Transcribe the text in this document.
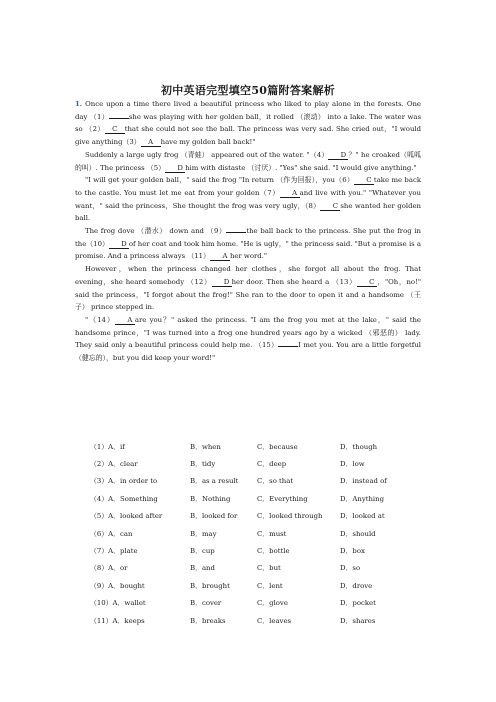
初中英语完型填空50篇附答案解析

1. Once upon a time there lived a beautiful princess who liked to play alone in the forests. One day （1）	she was playing with her golden ball，it rolled （滚动） into a lake. The water was so （2） C that she could not see the ball. The princess was very sad. She cried out，"I would give anything（3） A have my golden ball back!"

Suddenly a large ugly frog （青蛙） appeared out of the water. "（4） D ？" he croaked（呱呱的叫）. The princess （5） D him with distaste （讨厌）. "Yes" she said. "I would give anything."

"I will get your golden ball，" said the frog "In return （作为回报），you（6） C take me back to the castle. You must let me eat from your golden（7） A and live with you." "Whatever you want，" said the princess，She thought the frog was very ugly，（8） C she wanted her golden ball.

The frog dove （潜水） down and （9）	the ball back to the princess. She put the frog in the（10） D of her coat and took him home. "He is ugly，" the princess said. "But a promise is a promise. And a princess always （11） A her word."

However，when the princess changed her clothes，she forgot all about the frog. That evening，she heard somebody （12） D her door. Then she heard a （13） C ，"Oh，no!" said the princess，"I forgot about the frog!" She ran to the door to open it and a handsome （王子） prince stepped in.

"（14） A are you？" asked the princess. "I am the frog you met at the lake，" said the handsome prince，"I was turned into a frog one hundred years ago by a wicked （邪恶的） lady. They said only a beautiful princess could help me. （15）	I met you. You are a little forgetful （健忘的），but you did keep your word!"

（1）A．if	B．when	C．because	D．though
（2）A．clear	B．tidy	C．deep	D．low
（3）A．in order to	B．as a result	C．so that	D．instead of
（4）A．Something	B．Nothing	C．Everything	D．Anything
（5）A．looked after	B．looked for	C．looked through	D．looked at
（6）A．can	B．may	C．must	D．should
（7）A．plate	B．cup	C．bottle	D．box
（8）A．or	B．and	C．but	D．so
（9）A．bought	B．brought	C．lent	D．drove
（10）A．wallet	B．cover	C．glove	D．pocket
（11）A．keeps	B．breaks	C．leaves	D．shares
